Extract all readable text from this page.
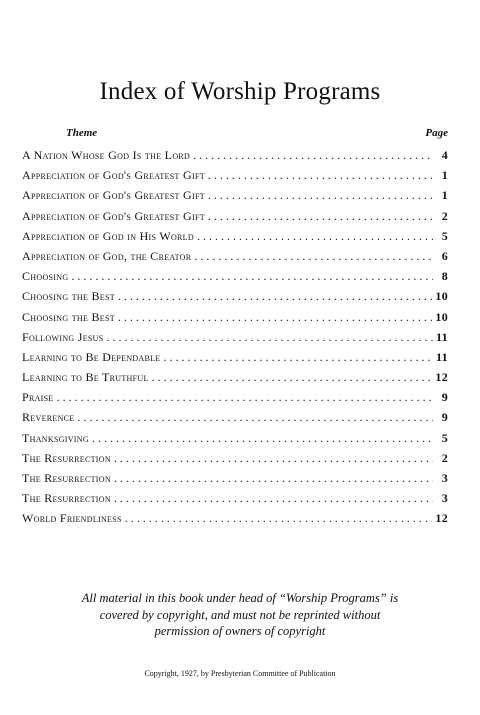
Index of Worship Programs
Theme	Page
A Nation Whose God Is the Lord . . .	4
Appreciation of God's Greatest Gift . . .	1
Appreciation of God's Greatest Gift . . .	1
Appreciation of God's Greatest Gift . . .	2
Appreciation of God in His World . . .	5
Appreciation of God, the Creator . . .	6
Choosing . . .	8
Choosing the Best . . .	10
Choosing the Best . . .	10
Following Jesus . . .	11
Learning to Be Dependable . . .	11
Learning to Be Truthful . . .	12
Praise . . .	9
Reverence . . .	9
Thanksgiving . . .	5
The Resurrection . . .	2
The Resurrection . . .	3
The Resurrection . . .	3
World Friendliness . . .	12

All material in this book under head of “Worship Programs” is
covered by copyright, and must not be reprinted without
permission of owners of copyright

Copyright, 1927, by Presbyterian Committee of Publication
